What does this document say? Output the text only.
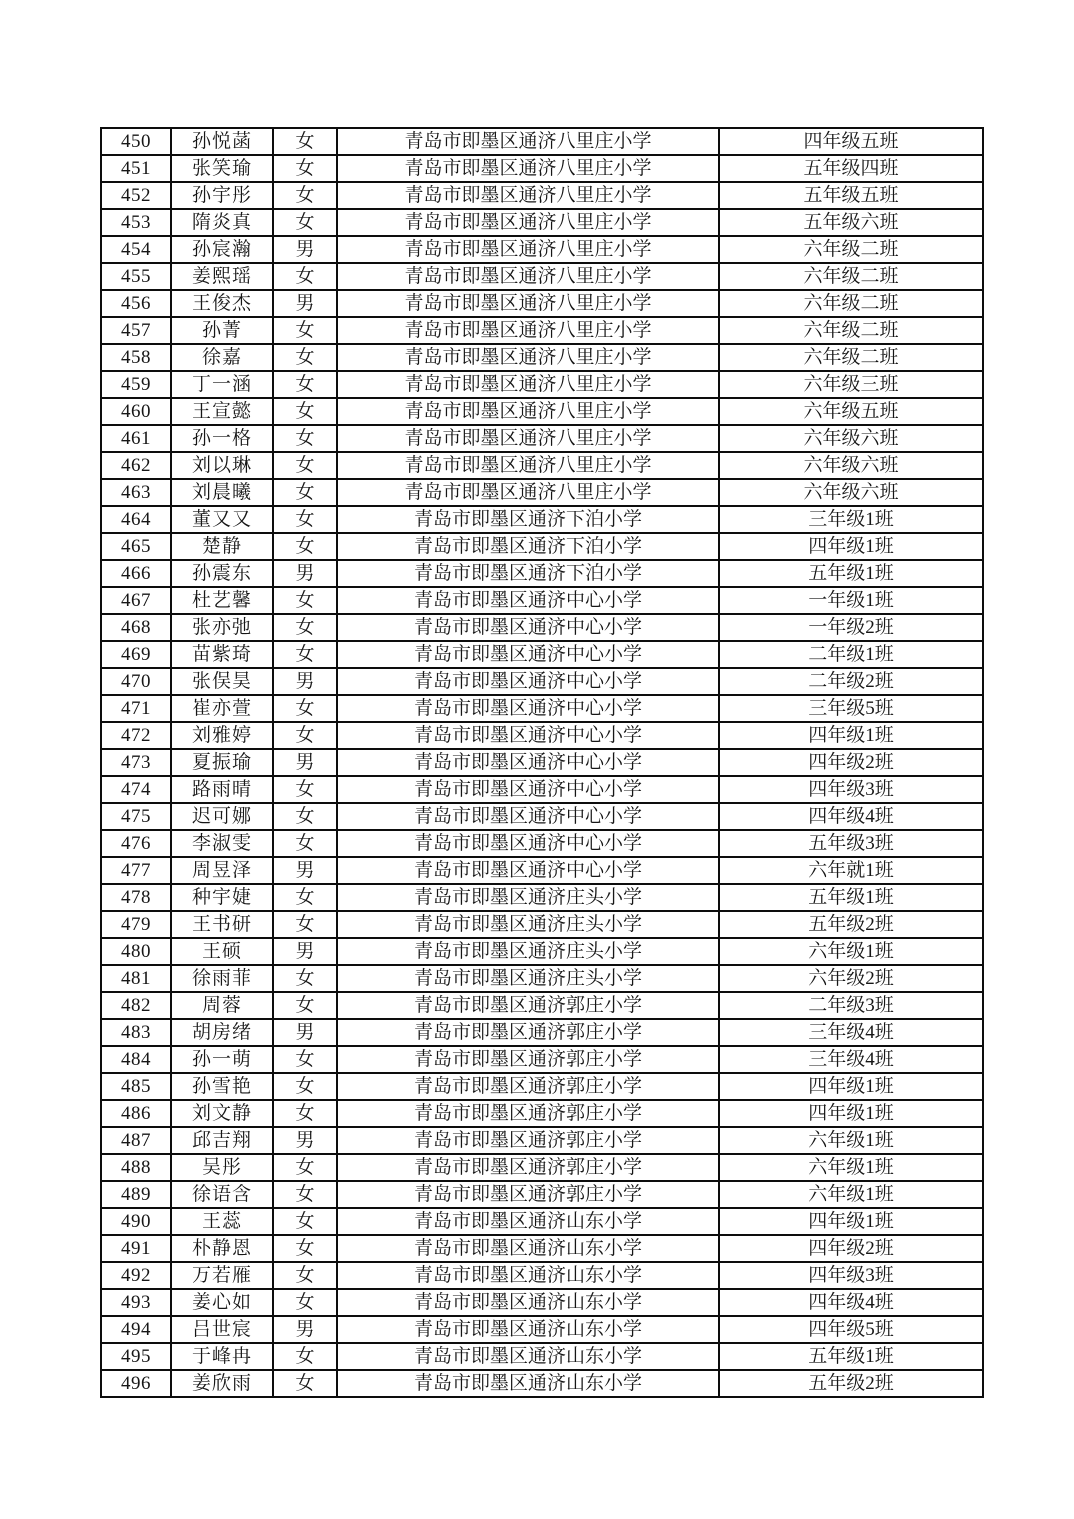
450	孙悦菡	女	青岛市即墨区通济八里庄小学	四年级五班
451	张笑瑜	女	青岛市即墨区通济八里庄小学	五年级四班
452	孙宇彤	女	青岛市即墨区通济八里庄小学	五年级五班
453	隋炎真	女	青岛市即墨区通济八里庄小学	五年级六班
454	孙宸瀚	男	青岛市即墨区通济八里庄小学	六年级二班
455	姜熙瑶	女	青岛市即墨区通济八里庄小学	六年级二班
456	王俊杰	男	青岛市即墨区通济八里庄小学	六年级二班
457	孙菁	女	青岛市即墨区通济八里庄小学	六年级二班
458	徐嘉	女	青岛市即墨区通济八里庄小学	六年级二班
459	丁一涵	女	青岛市即墨区通济八里庄小学	六年级三班
460	王宣懿	女	青岛市即墨区通济八里庄小学	六年级五班
461	孙一格	女	青岛市即墨区通济八里庄小学	六年级六班
462	刘以琳	女	青岛市即墨区通济八里庄小学	六年级六班
463	刘晨曦	女	青岛市即墨区通济八里庄小学	六年级六班
464	董又又	女	青岛市即墨区通济下泊小学	三年级1班
465	楚静	女	青岛市即墨区通济下泊小学	四年级1班
466	孙震东	男	青岛市即墨区通济下泊小学	五年级1班
467	杜艺馨	女	青岛市即墨区通济中心小学	一年级1班
468	张亦弛	女	青岛市即墨区通济中心小学	一年级2班
469	苗紫琦	女	青岛市即墨区通济中心小学	二年级1班
470	张俣昊	男	青岛市即墨区通济中心小学	二年级2班
471	崔亦萱	女	青岛市即墨区通济中心小学	三年级5班
472	刘雅婷	女	青岛市即墨区通济中心小学	四年级1班
473	夏振瑜	男	青岛市即墨区通济中心小学	四年级2班
474	路雨晴	女	青岛市即墨区通济中心小学	四年级3班
475	迟可娜	女	青岛市即墨区通济中心小学	四年级4班
476	李淑雯	女	青岛市即墨区通济中心小学	五年级3班
477	周昱泽	男	青岛市即墨区通济中心小学	六年就1班
478	种宇婕	女	青岛市即墨区通济庄头小学	五年级1班
479	王书研	女	青岛市即墨区通济庄头小学	五年级2班
480	王硕	男	青岛市即墨区通济庄头小学	六年级1班
481	徐雨菲	女	青岛市即墨区通济庄头小学	六年级2班
482	周蓉	女	青岛市即墨区通济郭庄小学	二年级3班
483	胡房绪	男	青岛市即墨区通济郭庄小学	三年级4班
484	孙一萌	女	青岛市即墨区通济郭庄小学	三年级4班
485	孙雪艳	女	青岛市即墨区通济郭庄小学	四年级1班
486	刘文静	女	青岛市即墨区通济郭庄小学	四年级1班
487	邱吉翔	男	青岛市即墨区通济郭庄小学	六年级1班
488	吴彤	女	青岛市即墨区通济郭庄小学	六年级1班
489	徐语含	女	青岛市即墨区通济郭庄小学	六年级1班
490	王蕊	女	青岛市即墨区通济山东小学	四年级1班
491	朴静恩	女	青岛市即墨区通济山东小学	四年级2班
492	万若雁	女	青岛市即墨区通济山东小学	四年级3班
493	姜心如	女	青岛市即墨区通济山东小学	四年级4班
494	吕世宸	男	青岛市即墨区通济山东小学	四年级5班
495	于峰冉	女	青岛市即墨区通济山东小学	五年级1班
496	姜欣雨	女	青岛市即墨区通济山东小学	五年级2班
